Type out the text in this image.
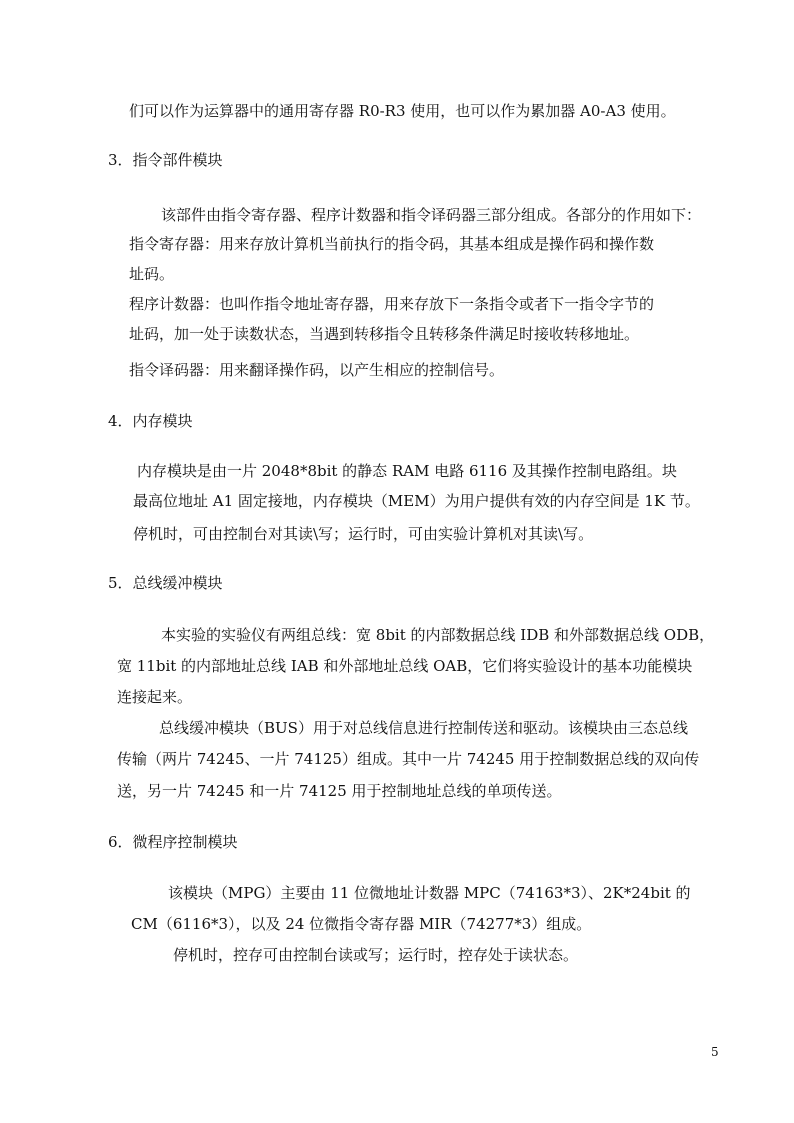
们可以作为运算器中的通用寄存器 R0-R3 使用，也可以作为累加器 A0-A3 使用。
3．指令部件模块
该部件由指令寄存器、程序计数器和指令译码器三部分组成。各部分的作用如下：
指令寄存器：用来存放计算机当前执行的指令码，其基本组成是操作码和操作数
址码。
程序计数器：也叫作指令地址寄存器，用来存放下一条指令或者下一指令字节的
址码，加一处于读数状态，当遇到转移指令且转移条件满足时接收转移地址。
指令译码器：用来翻译操作码，以产生相应的控制信号。
4．内存模块
内存模块是由一片 2048*8bit 的静态 RAM 电路 6116 及其操作控制电路组。块
最高位地址 A1 固定接地，内存模块（MEM）为用户提供有效的内存空间是 1K 节。
停机时，可由控制台对其读\写；运行时，可由实验计算机对其读\写。
5．总线缓冲模块
本实验的实验仪有两组总线：宽 8bit 的内部数据总线 IDB 和外部数据总线 ODB，
宽 11bit 的内部地址总线 IAB 和外部地址总线 OAB，它们将实验设计的基本功能模块
连接起来。
总线缓冲模块（BUS）用于对总线信息进行控制传送和驱动。该模块由三态总线
传输（两片 74245、一片 74125）组成。其中一片 74245 用于控制数据总线的双向传
送，另一片 74245 和一片 74125 用于控制地址总线的单项传送。
6．微程序控制模块
该模块（MPG）主要由 11 位微地址计数器 MPC（74163*3）、2K*24bit 的
CM（6116*3），以及 24 位微指令寄存器 MIR（74277*3）组成。
停机时，控存可由控制台读或写；运行时，控存处于读状态。
5
